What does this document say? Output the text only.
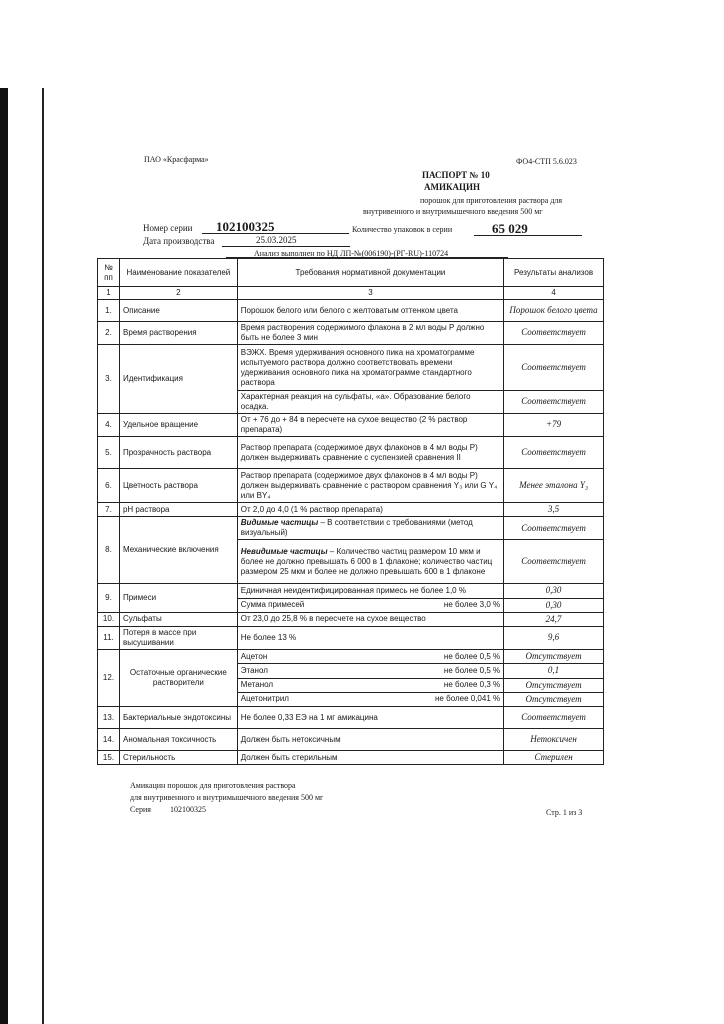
ПАО «Красфарма»	ФО4-СТП 5.6.023
ПАСПОРТ № 10
АМИКАЦИН
порошок для приготовления раствора для
внутривенного и внутримышечного введения 500 мг
Номер серии 102100325	Количество упаковок в серии	65 029
Дата производства	25.03.2025
Анализ выполнен по НД ЛП-№(006190)-(РГ-RU)-110724
№ пп	Наименование показателей	Требования нормативной документации	Результаты анализов
1	2	3	4
1.	Описание	Порошок белого или белого с желтоватым оттенком цвета	Порошок белого цвета
2.	Время растворения	Время растворения содержимого флакона в 2 мл воды Р должно быть не более 3 мин	Соответствует
3.	Идентификация	ВЭЖХ. Время удерживания основного пика на хроматограмме испытуемого раствора должно соответствовать времени удерживания основного пика на хроматограмме стандартного раствора	Соответствует
		Характерная реакция на сульфаты, «а». Образование белого осадка.	Соответствует
4.	Удельное вращение	От + 76 до + 84 в пересчете на сухое вещество (2 % раствор препарата)	+79
5.	Прозрачность раствора	Раствор препарата (содержимое двух флаконов в 4 мл воды Р) должен выдерживать сравнение с суспензией сравнения II	Соответствует
6.	Цветность раствора	Раствор препарата (содержимое двух флаконов в 4 мл воды Р) должен выдерживать сравнение с раствором сравнения Y₃ или G Y₄ или BY₄	Менее эталона Y₃
7.	pH раствора	От 2,0 до 4,0 (1 % раствор препарата)	3,5
8.	Механические включения	Видимые частицы – В соответствии с требованиями (метод визуальный)	Соответствует
		Невидимые частицы – Количество частиц размером 10 мкм и более не должно превышать 6 000 в 1 флаконе; количество частиц размером 25 мкм и более не должно превышать 600 в 1 флаконе	Соответствует
9.	Примеси	Единичная неидентифицированная примесь не более 1,0 %	0,30

		Сумма примесей не более 3,0 %	0,30
10.	Сульфаты	От 23,0 до 25,8 % в пересчете на сухое вещество	24,7
11.	Потеря в массе при высушивании	Не более 13 %	9,6
12.	Остаточные органические растворители	Ацетон не более 0,5 %	Отсутствует

		Этанол не более 0,5 %	0,1

		Метанол не более 0,3 %	Отсутствует

		Ацетонитрил не более 0,041 %	Отсутствует
13.	Бактериальные эндотоксины	Не более 0,33 ЕЭ на 1 мг амикацина	Соответствует
14.	Аномальная токсичность	Должен быть нетоксичным	Нетоксичен
15.	Стерильность	Должен быть стерильным	Стерилен
Амикацин порошок для приготовления раствора
для внутривенного и внутримышечного введения 500 мг
Серия 102100325	Стр. 1 из 3
